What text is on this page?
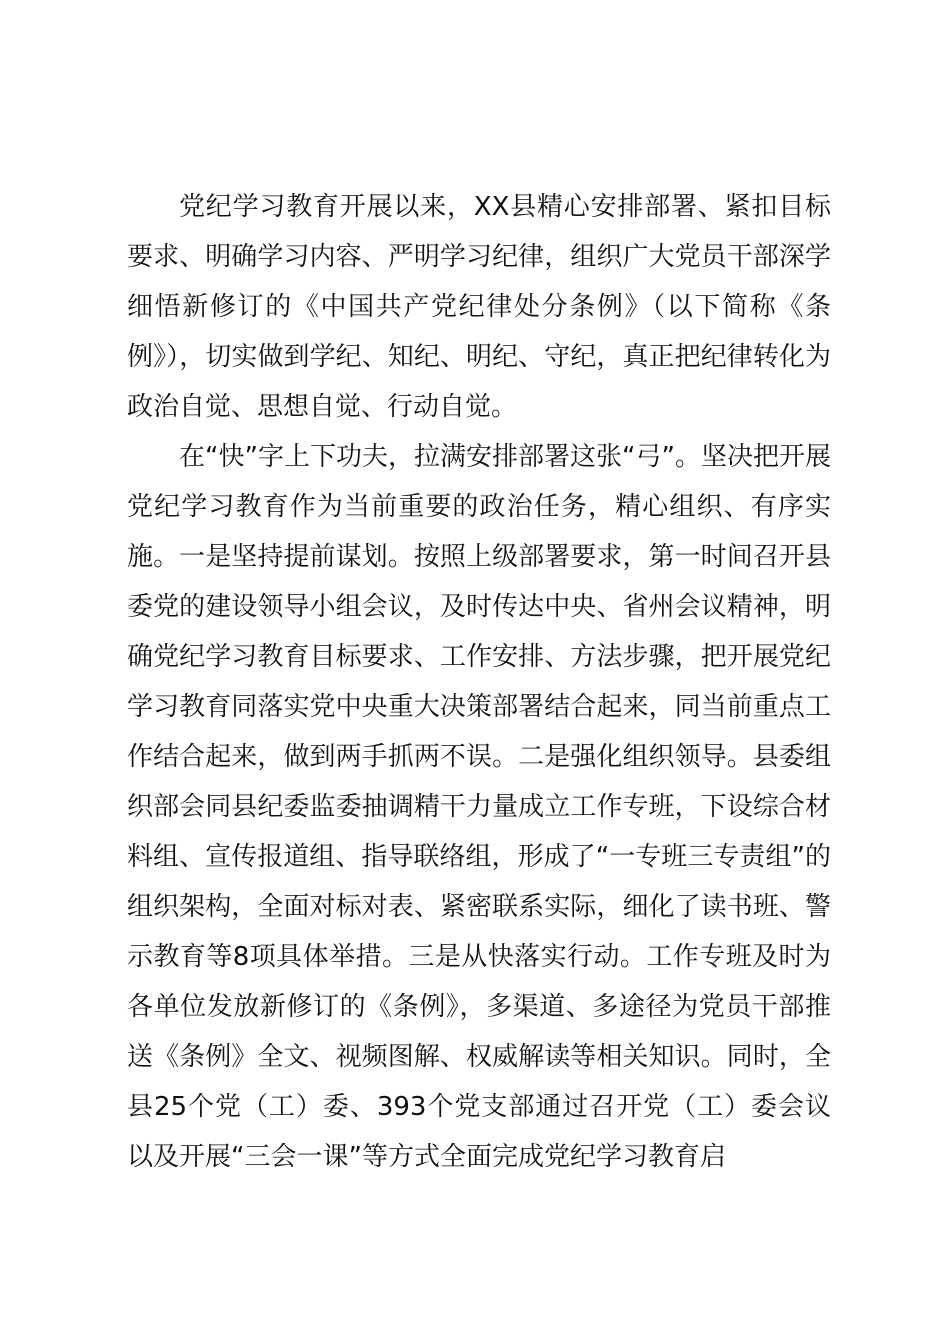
党纪学习教育开展以来，XX县精心安排部署、紧扣目标要求、明确学习内容、严明学习纪律，组织广大党员干部深学细悟新修订的《中国共产党纪律处分条例》（以下简称《条例》），切实做到学纪、知纪、明纪、守纪，真正把纪律转化为政治自觉、思想自觉、行动自觉。

在“快”字上下功夫，拉满安排部署这张“弓”。坚决把开展党纪学习教育作为当前重要的政治任务，精心组织、有序实施。一是坚持提前谋划。按照上级部署要求，第一时间召开县委党的建设领导小组会议，及时传达中央、省州会议精神，明确党纪学习教育目标要求、工作安排、方法步骤，把开展党纪学习教育同落实党中央重大决策部署结合起来，同当前重点工作结合起来，做到两手抓两不误。二是强化组织领导。县委组织部会同县纪委监委抽调精干力量成立工作专班，下设综合材料组、宣传报道组、指导联络组，形成了“一专班三专责组”的组织架构，全面对标对表、紧密联系实际，细化了读书班、警示教育等8项具体举措。三是从快落实行动。工作专班及时为各单位发放新修订的《条例》，多渠道、多途径为党员干部推送《条例》全文、视频图解、权威解读等相关知识。同时，全县25个党（工）委、393个党支部通过召开党（工）委会议以及开展“三会一课”等方式全面完成党纪学习教育启
